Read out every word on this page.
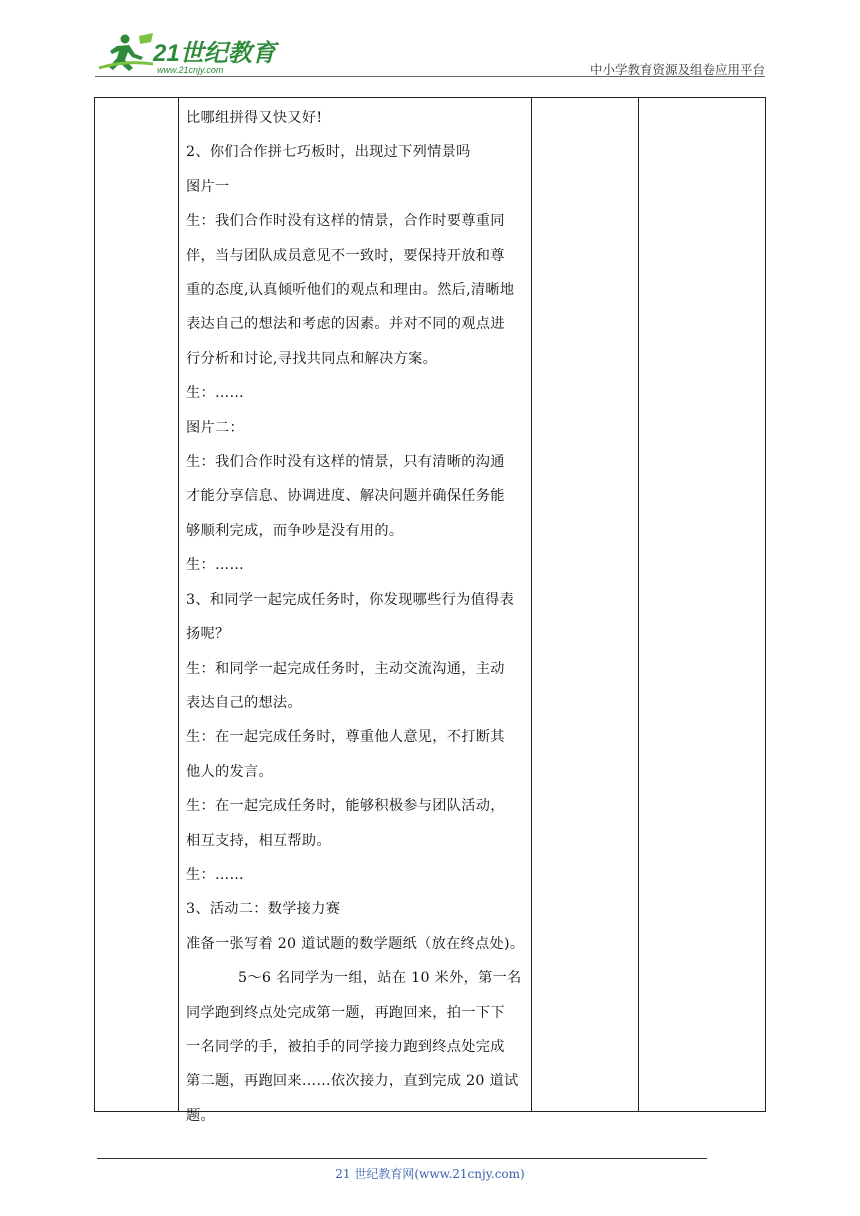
21世纪教育
www.21cnjy.com	中小学教育资源及组卷应用平台

比哪组拼得又快又好!

2、你们合作拼七巧板时，出现过下列情景吗

图片一

生：我们合作时没有这样的情景，合作时要尊重同

伴，当与团队成员意见不一致时，要保持开放和尊

重的态度,认真倾听他们的观点和理由。然后,清晰地

表达自己的想法和考虑的因素。并对不同的观点进

行分析和讨论,寻找共同点和解决方案。

生：……

图片二：

生：我们合作时没有这样的情景，只有清晰的沟通

才能分享信息、协调进度、解决问题并确保任务能

够顺利完成，而争吵是没有用的。

生：……

3、和同学一起完成任务时，你发现哪些行为值得表

扬呢？

生：和同学一起完成任务时，主动交流沟通，主动

表达自己的想法。

生：在一起完成任务时，尊重他人意见，不打断其

他人的发言。

生：在一起完成任务时，能够积极参与团队活动，

相互支持，相互帮助。

生：……

3、活动二：数学接力赛

准备一张写着 20 道试题的数学题纸（放在终点处)。

5～6 名同学为一组，站在 10 米外，第一名

同学跑到终点处完成第一题，再跑回来，拍一下下

一名同学的手，被拍手的同学接力跑到终点处完成

第二题，再跑回来……依次接力，直到完成 20 道试

题。

21 世纪教育网(www.21cnjy.com)
